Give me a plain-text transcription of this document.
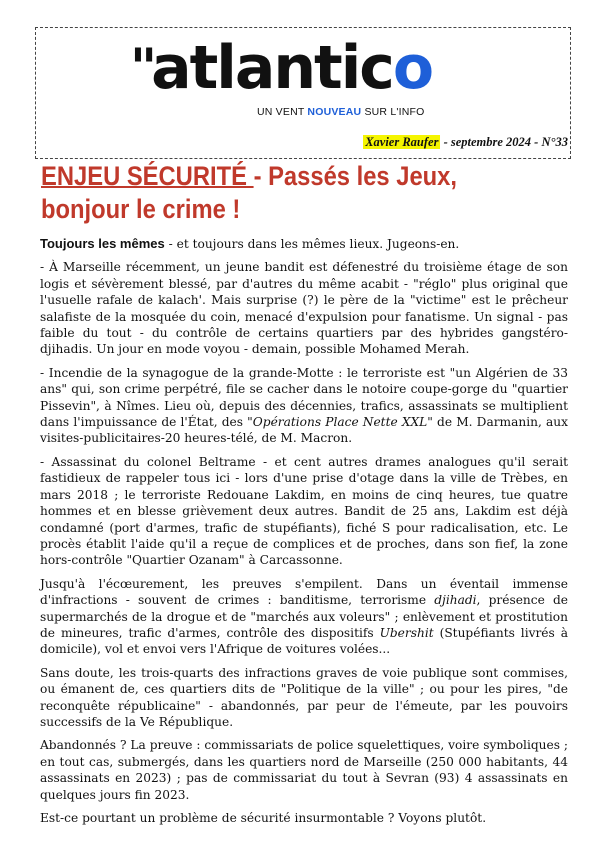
"atlantico
UN VENT NOUVEAU SUR L'INFO
Xavier Raufer - septembre 2024 - N°33
ENJEU SÉCURITÉ - Passés les Jeux, bonjour le crime !

Toujours les mêmes - et toujours dans les mêmes lieux. Jugeons-en.

- À Marseille récemment, un jeune bandit est défenestré du troisième étage de son logis et sévèrement blessé, par d'autres du même acabit - "réglo" plus original que l'usuelle rafale de kalach'. Mais surprise (?) le père de la "victime" est le prêcheur salafiste de la mosquée du coin, menacé d'expulsion pour fanatisme. Un signal - pas faible du tout - du contrôle de certains quartiers par des hybrides gangstéro-djihadis. Un jour en mode voyou - demain, possible Mohamed Merah.

- Incendie de la synagogue de la grande-Motte : le terroriste est "un Algérien de 33 ans" qui, son crime perpétré, file se cacher dans le notoire coupe-gorge du "quartier Pissevin", à Nîmes. Lieu où, depuis des décennies, trafics, assassinats se multiplient dans l'impuissance de l'État, des "Opérations Place Nette XXL" de M. Darmanin, aux visites-publicitaires-20 heures-télé, de M. Macron.

- Assassinat du colonel Beltrame - et cent autres drames analogues qu'il serait fastidieux de rappeler tous ici - lors d'une prise d'otage dans la ville de Trèbes, en mars 2018 ; le terroriste Redouane Lakdim, en moins de cinq heures, tue quatre hommes et en blesse grièvement deux autres. Bandit de 25 ans, Lakdim est déjà condamné (port d'armes, trafic de stupéfiants), fiché S pour radicalisation, etc. Le procès établit l'aide qu'il a reçue de complices et de proches, dans son fief, la zone hors-contrôle "Quartier Ozanam" à Carcassonne.

Jusqu'à l'écœurement, les preuves s'empilent. Dans un éventail immense d'infractions - souvent de crimes : banditisme, terrorisme djihadi, présence de supermarchés de la drogue et de "marchés aux voleurs" ; enlèvement et prostitution de mineures, trafic d'armes, contrôle des dispositifs Ubershit (Stupéfiants livrés à domicile), vol et envoi vers l'Afrique de voitures volées...

Sans doute, les trois-quarts des infractions graves de voie publique sont commises, ou émanent de, ces quartiers dits de "Politique de la ville" ; ou pour les pires, "de reconquête républicaine" - abandonnés, par peur de l'émeute, par les pouvoirs successifs de la Ve République.

Abandonnés ? La preuve : commissariats de police squelettiques, voire symboliques ; en tout cas, submergés, dans les quartiers nord de Marseille (250 000 habitants, 44 assassinats en 2023) ; pas de commissariat du tout à Sevran (93) 4 assassinats en quelques jours fin 2023.

Est-ce pourtant un problème de sécurité insurmontable ? Voyons plutôt.
